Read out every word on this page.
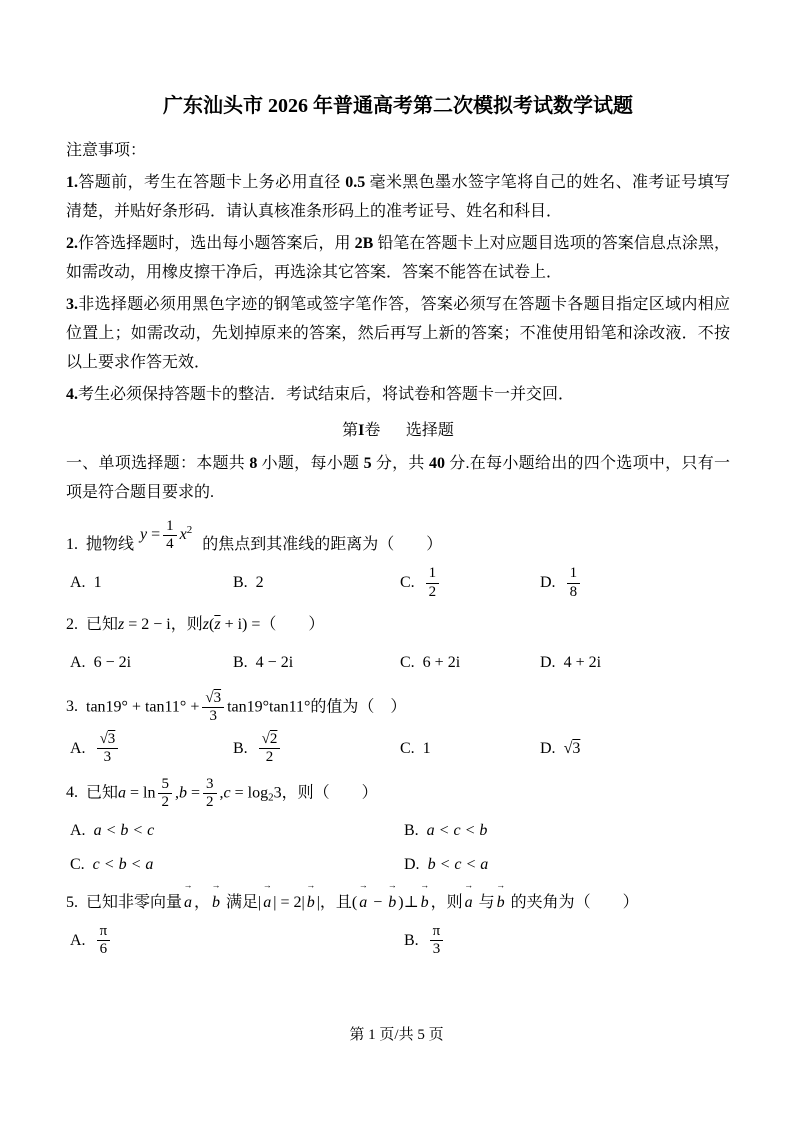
广东汕头市 2026 年普通高考第二次模拟考试数学试题
注意事项：

1.答题前，考生在答题卡上务必用直径 0.5 毫米黑色墨水签字笔将自己的姓名、准考证号填写清楚，并贴好条形码．请认真核准条形码上的准考证号、姓名和科目．

2.作答选择题时，选出每小题答案后，用 2B 铅笔在答题卡上对应题目选项的答案信息点涂黑，如需改动，用橡皮擦干净后，再选涂其它答案．答案不能答在试卷上．

3.非选择题必须用黑色字迹的钢笔或签字笔作答，答案必须写在答题卡各题目指定区域内相应位置上；如需改动，先划掉原来的答案，然后再写上新的答案；不准使用铅笔和涂改液．不按以上要求作答无效．

4.考生必须保持答题卡的整洁．考试结束后，将试卷和答题卡一并交回．

第I卷 选择题

一、单项选择题：本题共 8 小题，每小题 5 分，共 40 分.在每小题给出的四个选项中，只有一项是符合题目要求的.

1. 抛物线$y = \frac{1}{4} x^2$的焦点到其准线的距离为（　　）
A. 1	B. 2	C. $\frac{1}{2}$	D. $\frac{1}{8}$
2. 已知z = 2 − i，则$z(\overline{z} + i)$ =（　　）
A. 6 − 2i	B. 4 − 2i	C. 6 + 2i	D. 4 + 2i
3. $\tan 19^\circ + \tan 11^\circ + \frac{√3}{3} \tan 19^\circ\tan 11^\circ$的值为（　）
A. $\frac{√3}{3}$	B. $\frac{√2}{2}$	C. 1	D. √3
4. 已知$a = \ln \frac{5}{2} ,b = \frac{3}{2} ,c = \log_23$，则（　　）
A. a < b < c	B. a < c < b
C. c < b < a	D. b < c < a
5. 已知非零向量 a
→
， b
→
满足| a
→
| = 2| b
→
|，且( a
→
− b
→
)⊥ b
→
，则 a
→
与 b
→
的夹角为（　　）
A. $\frac{\pi}{6}$	B. $\frac{\pi}{3}$
第 1 页/共 5 页
